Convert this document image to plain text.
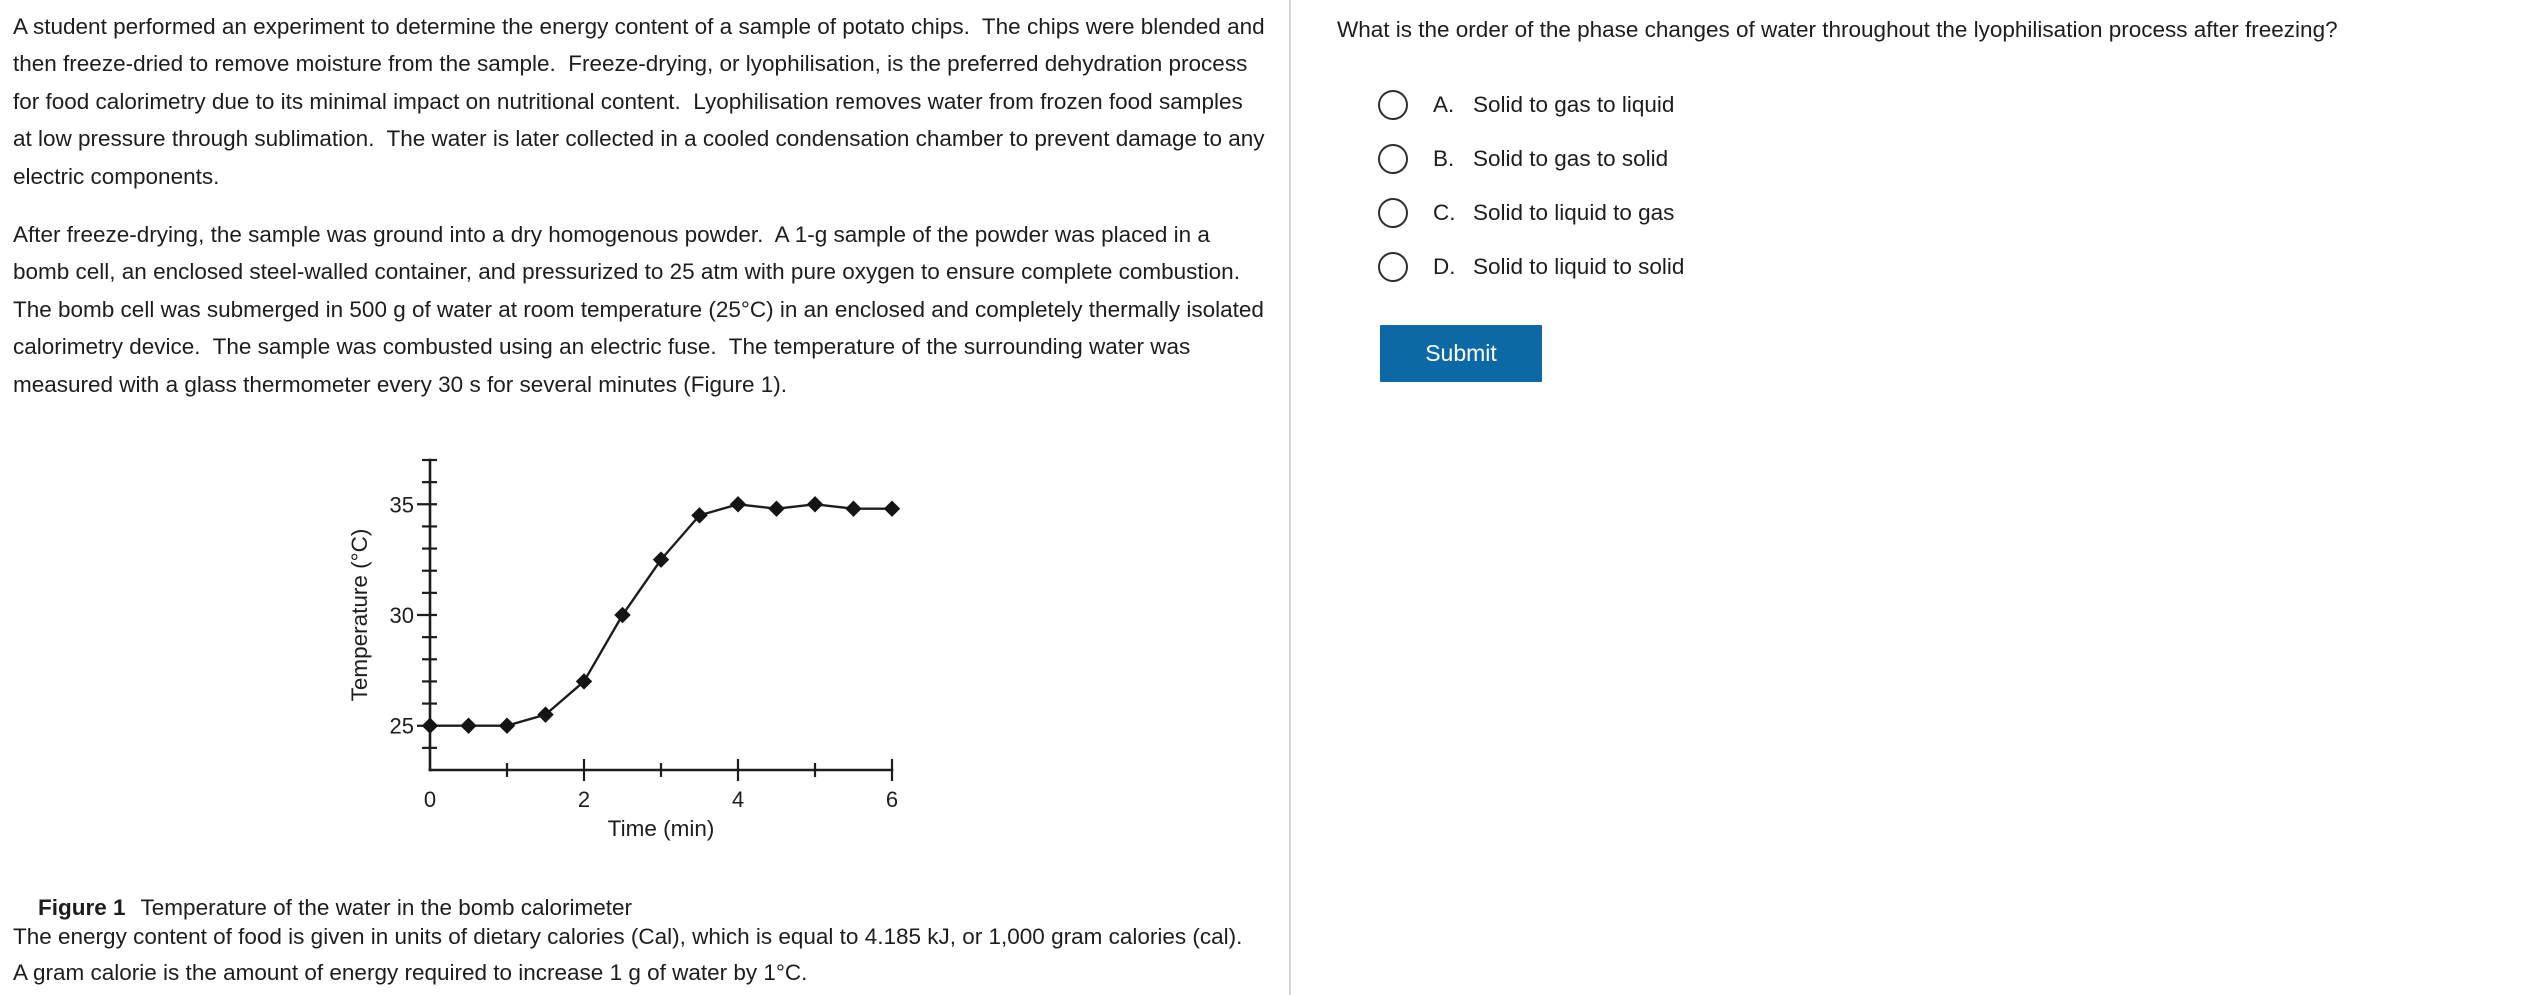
A student performed an experiment to determine the energy content of a sample of potato chips.  The chips were blended and then freeze-dried to remove moisture from the sample.  Freeze-drying, or lyophilisation, is the preferred dehydration process for food calorimetry due to its minimal impact on nutritional content.  Lyophilisation removes water from frozen food samples at low pressure through sublimation.  The water is later collected in a cooled condensation chamber to prevent damage to any electric components.
After freeze-drying, the sample was ground into a dry homogenous powder.  A 1-g sample of the powder was placed in a bomb cell, an enclosed steel-walled container, and pressurized to 25 atm with pure oxygen to ensure complete combustion.  The bomb cell was submerged in 500 g of water at room temperature (25°C) in an enclosed and completely thermally isolated calorimetry device.  The sample was combusted using an electric fuse.  The temperature of the surrounding water was measured with a glass thermometer every 30 s for several minutes (Figure 1).
25
30
35
0	2	4	6
Temperature (°C)
Time (min)

Figure 1 Temperature of the water in the bomb calorimeter

The energy content of food is given in units of dietary calories (Cal), which is equal to 4.185 kJ, or 1,000 gram calories (cal).  A gram calorie is the amount of energy required to increase 1 g of water by 1°C.
What is the order of the phase changes of water throughout the lyophilisation process after freezing?
A. Solid to gas to liquid
B. Solid to gas to solid
C. Solid to liquid to gas
D. Solid to liquid to solid
Submit
